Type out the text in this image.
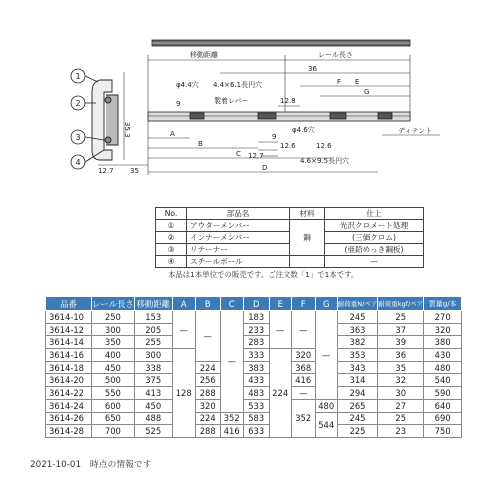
1
2
3
4
移動距離	レール長さ
36
φ4.4穴 4.4×6.1長円穴
製着レバー
9	12.8
9
12.6
12.7
12.6
φ4.6穴
4.6×9.5長円穴
ディテント
A
B
C
D
E
F
G
35
12.7
35.3
No.	部品名	材料	仕上
①	アウターメンバー	鋼	光沢クロメート処理
②	インナーメンバー		(三価クロム)
③	リテーナー		(亜鉛めっき鋼板)
④	スチールボール		—
本品は1本単位での販売です。ご注文数「1」で1本です。
品番	レール長さ	移動距離	A	B	C	D	E	F	G	耐荷重N/ペア	耐荷重kgf/ペア	質量g/本
3614-10	250	153	—	—	—	183	—	—	—	245	25	270
3614-12	300	205				233				363	37	320
3614-14	350	255				283				382	39	380
3614-16	400	300	128			333	224	320		353	36	430
3614-18	450	338		224		383		368		343	35	480
3614-20	500	375		256		433		416		314	32	540
3614-22	550	413		288		483		—		294	30	590
3614-24	600	450		320		533		352	480	265	27	640
3614-26	650	488		224	352	583			544	245	25	690
3614-28	700	525		288	416	633				225	23	750
2021-10-01　時点の情報です
